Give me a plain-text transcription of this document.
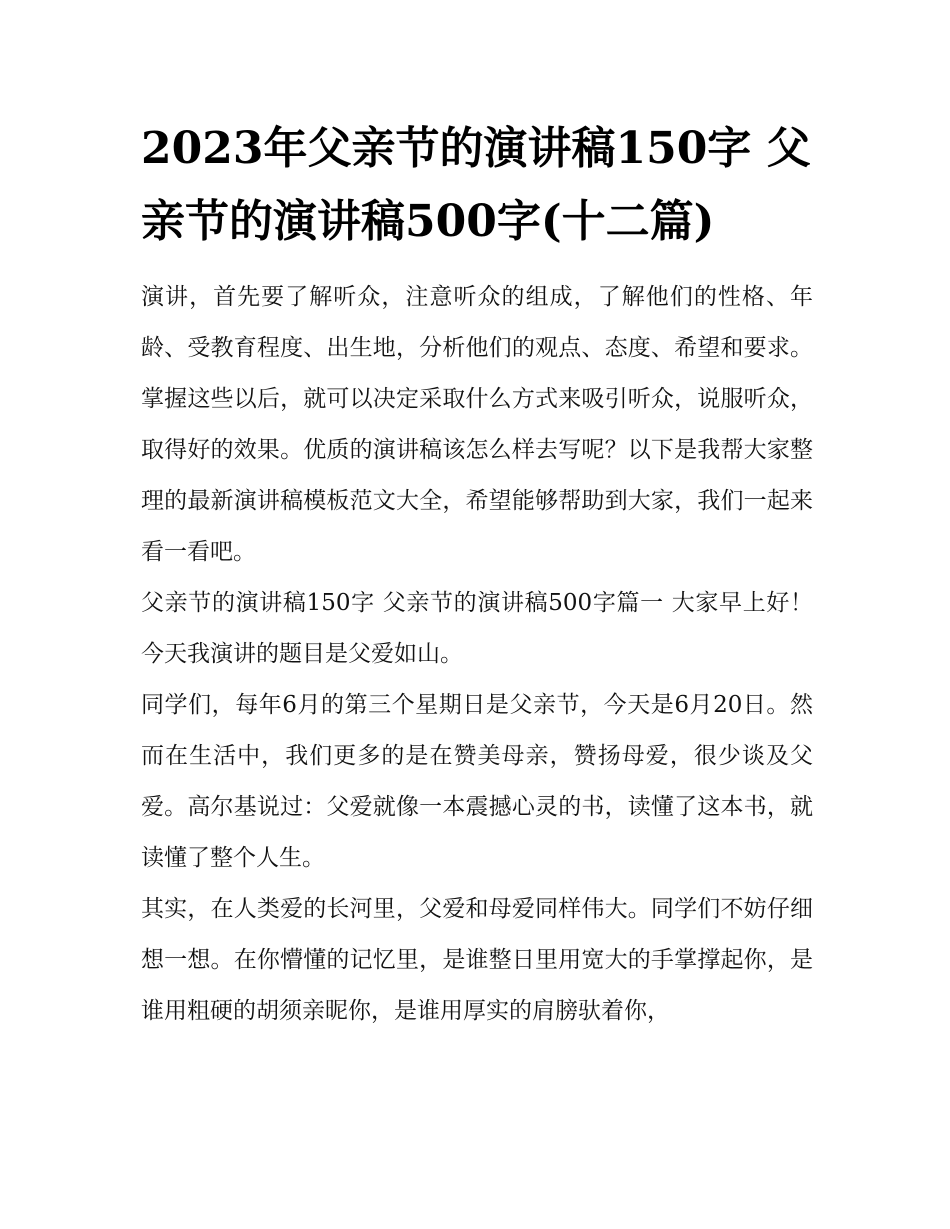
2023年父亲节的演讲稿150字 父亲节的演讲稿500字(十二篇)

演讲，首先要了解听众，注意听众的组成，了解他们的性格、年龄、受教育程度、出生地，分析他们的观点、态度、希望和要求。掌握这些以后，就可以决定采取什么方式来吸引听众，说服听众，取得好的效果。优质的演讲稿该怎么样去写呢？以下是我帮大家整理的最新演讲稿模板范文大全，希望能够帮助到大家，我们一起来看一看吧。

父亲节的演讲稿150字 父亲节的演讲稿500字篇一 大家早上好！ 今天我演讲的题目是父爱如山。

同学们，每年6月的第三个星期日是父亲节，今天是6月20日。然而在生活中，我们更多的是在赞美母亲，赞扬母爱，很少谈及父爱。高尔基说过：父爱就像一本震撼心灵的书，读懂了这本书，就读懂了整个人生。

其实，在人类爱的长河里，父爱和母爱同样伟大。同学们不妨仔细想一想。在你懵懂的记忆里，是谁整日里用宽大的手掌撑起你，是谁用粗硬的胡须亲昵你，是谁用厚实的肩膀驮着你，
